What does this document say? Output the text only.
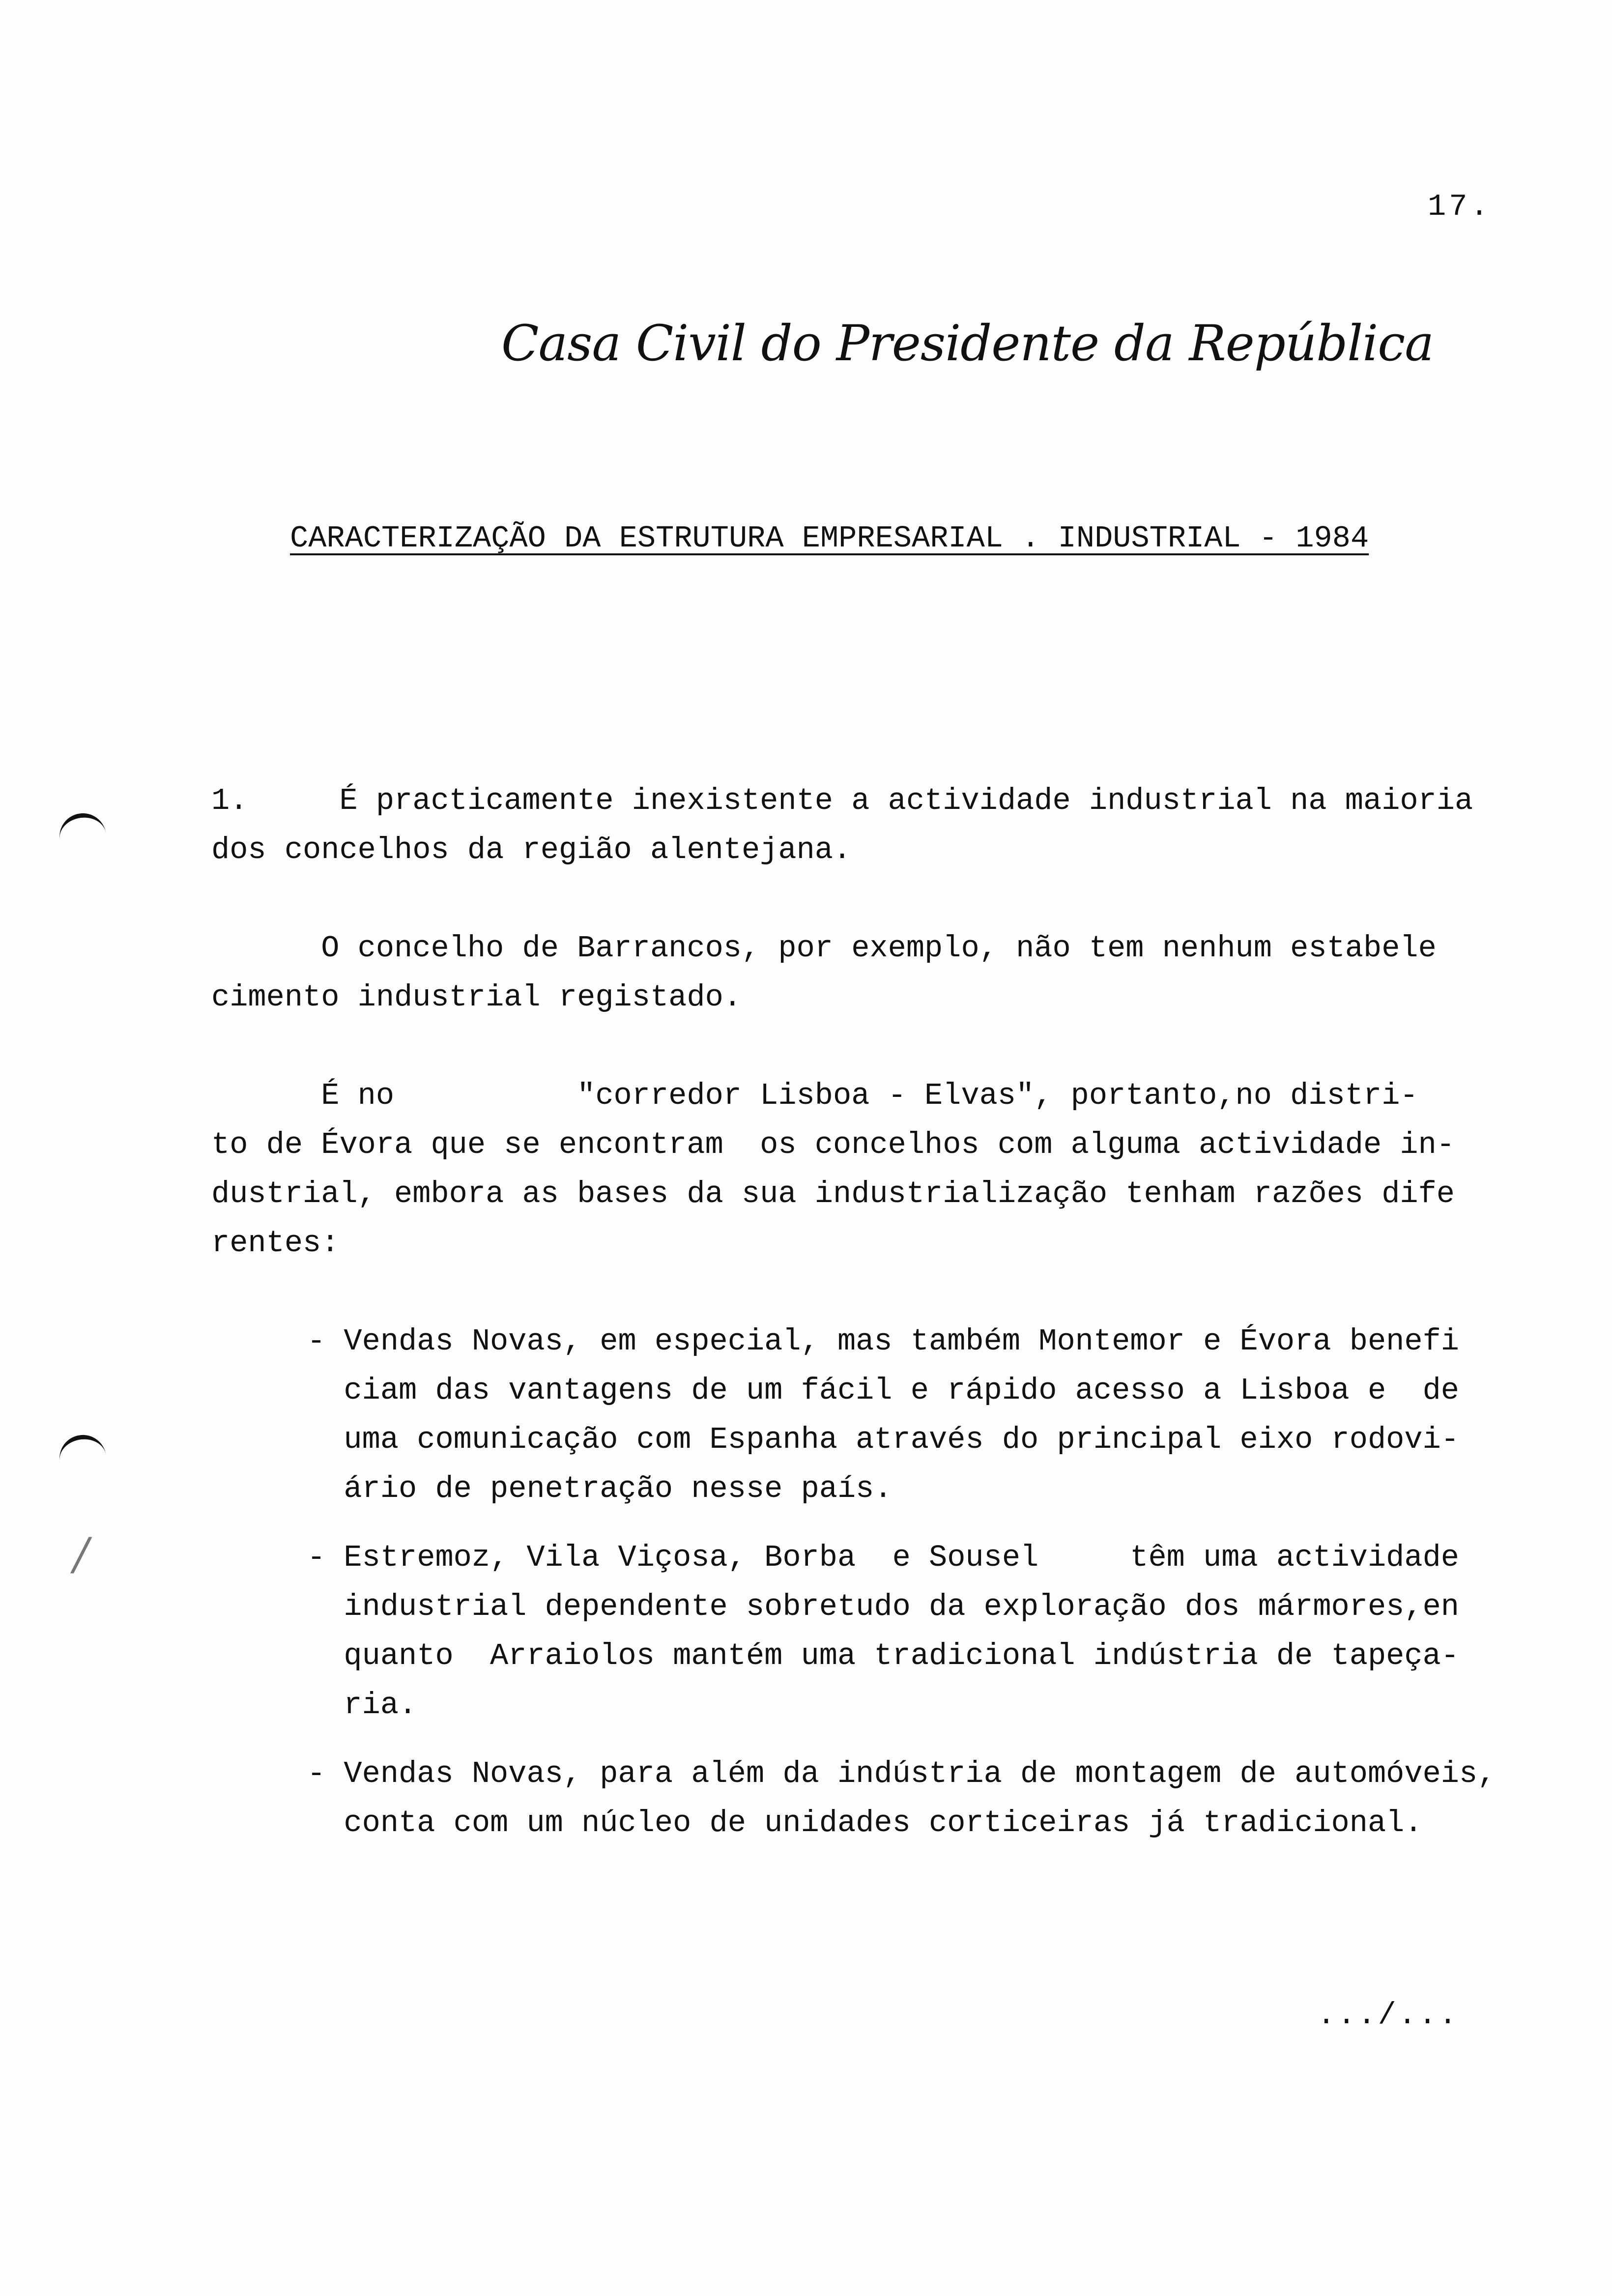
17.
Casa Civil do Presidente da República
CARACTERIZAÇÃO DA ESTRUTURA EMPRESARIAL . INDUSTRIAL - 1984

1.     É practicamente inexistente a actividade industrial na maioria
dos concelhos da região alentejana.

O concelho de Barrancos, por exemplo, não tem nenhum estabele
cimento industrial registado.

É no          "corredor Lisboa - Elvas", portanto,no distri-
to de Évora que se encontram  os concelhos com alguma actividade in-
dustrial, embora as bases da sua industrialização tenham razões dife
rentes:

- Vendas Novas, em especial, mas também Montemor e Évora benefi
ciam das vantagens de um fácil e rápido acesso a Lisboa e  de
uma comunicação com Espanha através do principal eixo rodovi-
ário de penetração nesse país.

- Estremoz, Vila Viçosa, Borba  e Sousel     têm uma actividade
industrial dependente sobretudo da exploração dos mármores,en
quanto  Arraiolos mantém uma tradicional indústria de tapeça-
ria.

- Vendas Novas, para além da indústria de montagem de automóveis,
conta com um núcleo de unidades corticeiras já tradicional.

.../...
/
